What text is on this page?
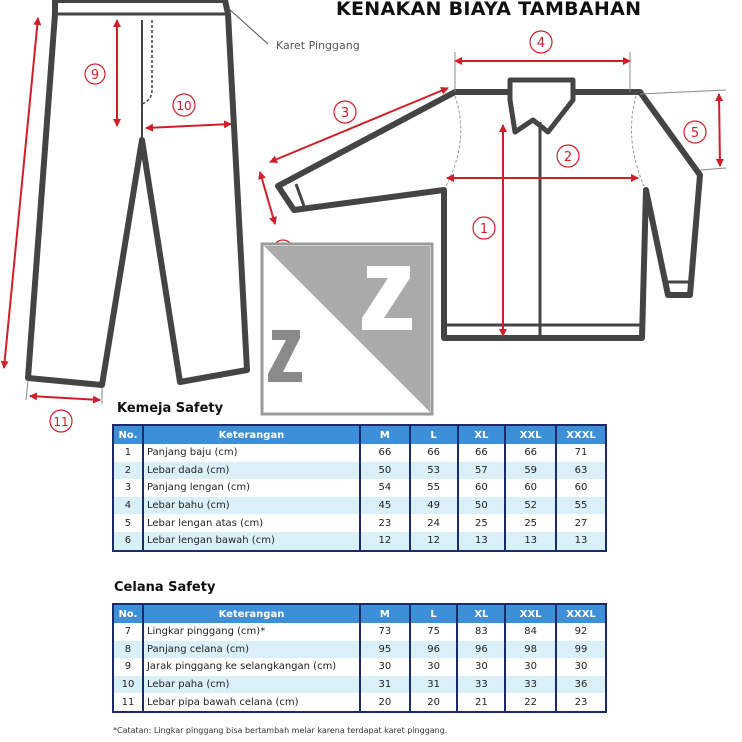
KENAKAN BIAYA TAMBAHAN
Karet Pinggang
9
10
11
1
2
3
4
5
Kemeja Safety
No.	Keterangan	M	L	XL	XXL	XXXL
1	Panjang baju (cm)	66	66	66	66	71
2	Lebar dada (cm)	50	53	57	59	63
3	Panjang lengan (cm)	54	55	60	60	60
4	Lebar bahu (cm)	45	49	50	52	55
5	Lebar lengan atas (cm)	23	24	25	25	27
6	Lebar lengan bawah (cm)	12	12	13	13	13
Celana Safety
No.	Keterangan	M	L	XL	XXL	XXXL
7	Lingkar pinggang (cm)*	73	75	83	84	92
8	Panjang celana (cm)	95	96	96	98	99
9	Jarak pinggang ke selangkangan (cm)	30	30	30	30	30
10	Lebar paha (cm)	31	31	33	33	36
11	Lebar pipa bawah celana (cm)	20	20	21	22	23
*Catatan: Lingkar pinggang bisa bertambah melar karena terdapat karet pinggang.
